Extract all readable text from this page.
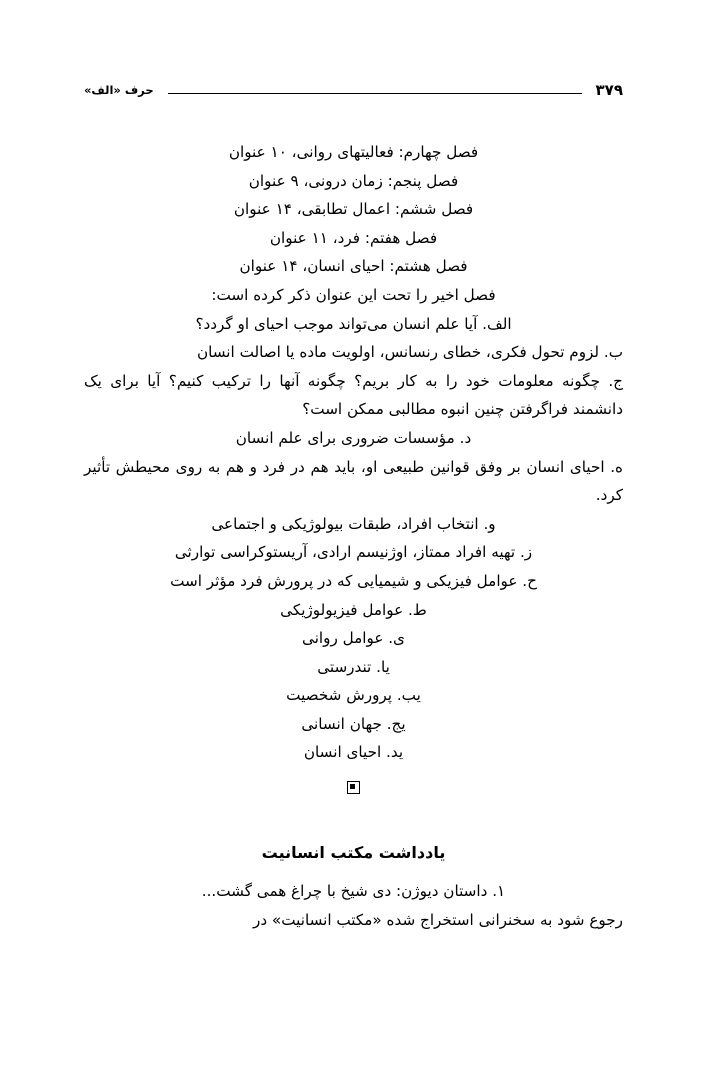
حرف «الف»	۳۷۹
فصل چهارم: فعالیتهای روانی، ۱۰ عنوان
فصل پنجم: زمان درونی، ۹ عنوان
فصل ششم: اعمال تطابقی، ۱۴ عنوان
فصل هفتم: فرد، ۱۱ عنوان
فصل هشتم: احیای انسان، ۱۴ عنوان
فصل اخیر را تحت این عنوان ذکر کرده است:
الف. آیا علم انسان می‌تواند موجب احیای او گردد؟
ب. لزوم تحول فکری، خطای رنسانس، اولویت ماده یا اصالت انسان
ج. چگونه معلومات خود را به کار بریم؟ چگونه آنها را ترکیب کنیم؟ آیا برای یک دانشمند فراگرفتن چنین انبوه مطالبی ممکن است؟
د. مؤسسات ضروری برای علم انسان
ه. احیای انسان بر وفق قوانین طبیعی او، باید هم در فرد و هم به روی محیطش تأثیر کرد.
و. انتخاب افراد، طبقات بیولوژیکی و اجتماعی
ز. تهیه افراد ممتاز، اوژنیسم ارادی، آریستوکراسی توارثی
ح. عوامل فیزیکی و شیمیایی که در پرورش فرد مؤثر است
ط. عوامل فیزیولوژیکی
ی. عوامل روانی
یا. تندرستی
یب. پرورش شخصیت
یج. جهان انسانی
ید. احیای انسان
یادداشت مکتب انسانیت
۱. داستان دیوژن: دی شیخ با چراغ همی گشت...
رجوع شود به سخنرانی استخراج شده «مکتب انسانیت» در
